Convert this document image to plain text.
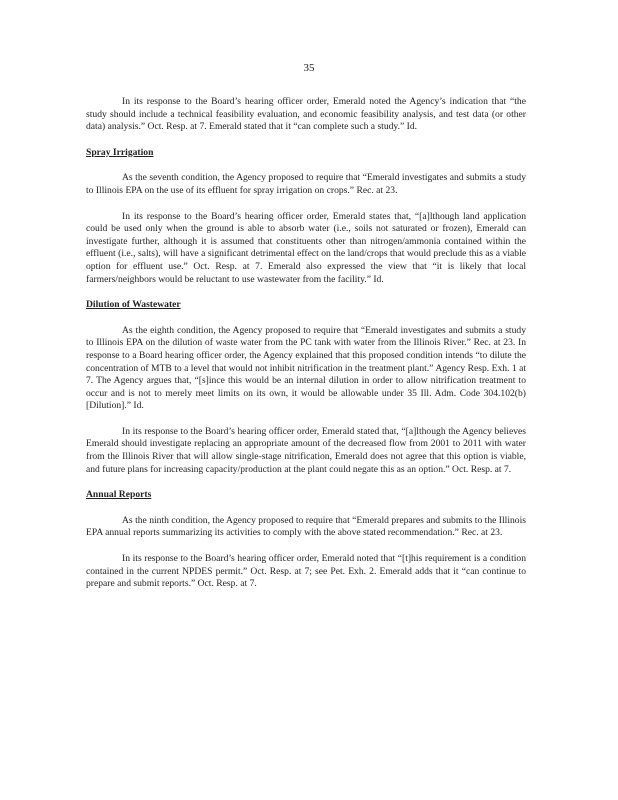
35

In its response to the Board’s hearing officer order, Emerald noted the Agency’s indication that “the study should include a technical feasibility evaluation, and economic feasibility analysis, and test data (or other data) analysis.” Oct. Resp. at 7. Emerald stated that it “can complete such a study.” Id.

Spray Irrigation

As the seventh condition, the Agency proposed to require that “Emerald investigates and submits a study to Illinois EPA on the use of its effluent for spray irrigation on crops.” Rec. at 23.

In its response to the Board’s hearing officer order, Emerald states that, “[a]lthough land application could be used only when the ground is able to absorb water (i.e., soils not saturated or frozen), Emerald can investigate further, although it is assumed that constituents other than nitrogen/ammonia contained within the effluent (i.e., salts), will have a significant detrimental effect on the land/crops that would preclude this as a viable option for effluent use.” Oct. Resp. at 7. Emerald also expressed the view that “it is likely that local farmers/neighbors would be reluctant to use wastewater from the facility.” Id.

Dilution of Wastewater

As the eighth condition, the Agency proposed to require that “Emerald investigates and submits a study to Illinois EPA on the dilution of waste water from the PC tank with water from the Illinois River.” Rec. at 23. In response to a Board hearing officer order, the Agency explained that this proposed condition intends “to dilute the concentration of MTB to a level that would not inhibit nitrification in the treatment plant.” Agency Resp. Exh. 1 at 7. The Agency argues that, “[s]ince this would be an internal dilution in order to allow nitrification treatment to occur and is not to merely meet limits on its own, it would be allowable under 35 Ill. Adm. Code 304.102(b) [Dilution].” Id.

In its response to the Board’s hearing officer order, Emerald stated that, “[a]lthough the Agency believes Emerald should investigate replacing an appropriate amount of the decreased flow from 2001 to 2011 with water from the Illinois River that will allow single-stage nitrification, Emerald does not agree that this option is viable, and future plans for increasing capacity/production at the plant could negate this as an option.” Oct. Resp. at 7.

Annual Reports

As the ninth condition, the Agency proposed to require that “Emerald prepares and submits to the Illinois EPA annual reports summarizing its activities to comply with the above stated recommendation.” Rec. at 23.

In its response to the Board’s hearing officer order, Emerald noted that “[t]his requirement is a condition contained in the current NPDES permit.” Oct. Resp. at 7; see Pet. Exh. 2. Emerald adds that it “can continue to prepare and submit reports.” Oct. Resp. at 7.
